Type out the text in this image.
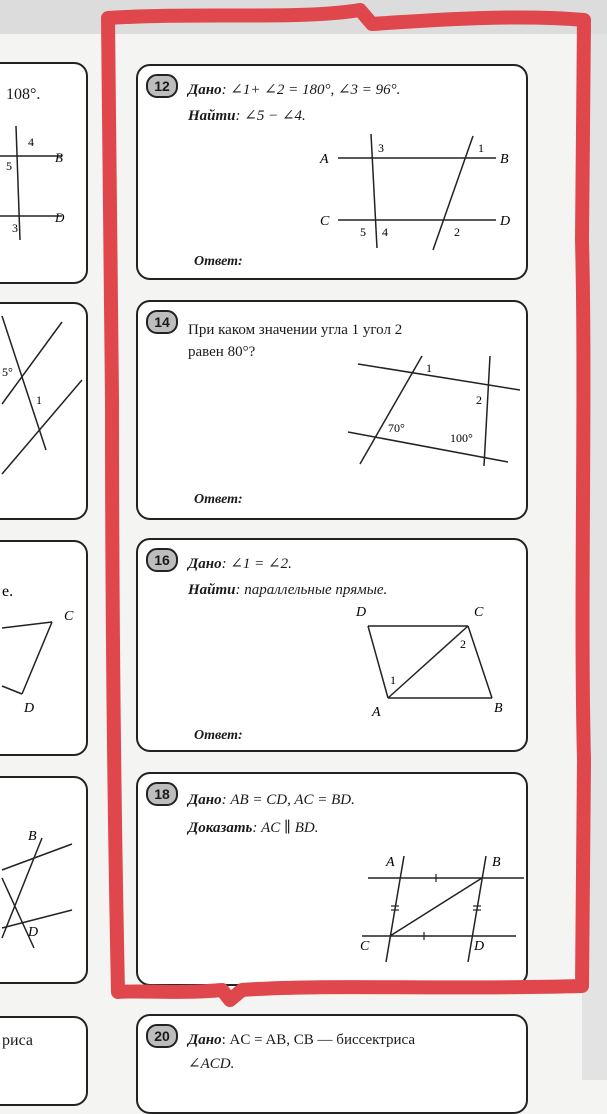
108°.
4
5
B
3
D
5°
1
е.
C
D
B
D
риса
12	Дано: ∠1+ ∠2 = 180°, ∠3 = 96°.
Найти: ∠5 − ∠4.
A
3	1
B
C
5 4	2
D
Ответ:
14	При каком значении угла 1 угол 2
равен 80°?
1
2
70°
100°
Ответ:
16	Дано: ∠1 = ∠2.
Найти: параллельные прямые.
D	C
2
1
A	B
Ответ:
18	Дано: AB = CD, AC = BD.
Доказать: AC ∥ BD.
A	B
C	D
20	Дано: AC = AB, CB — биссектриса
∠ACD.
